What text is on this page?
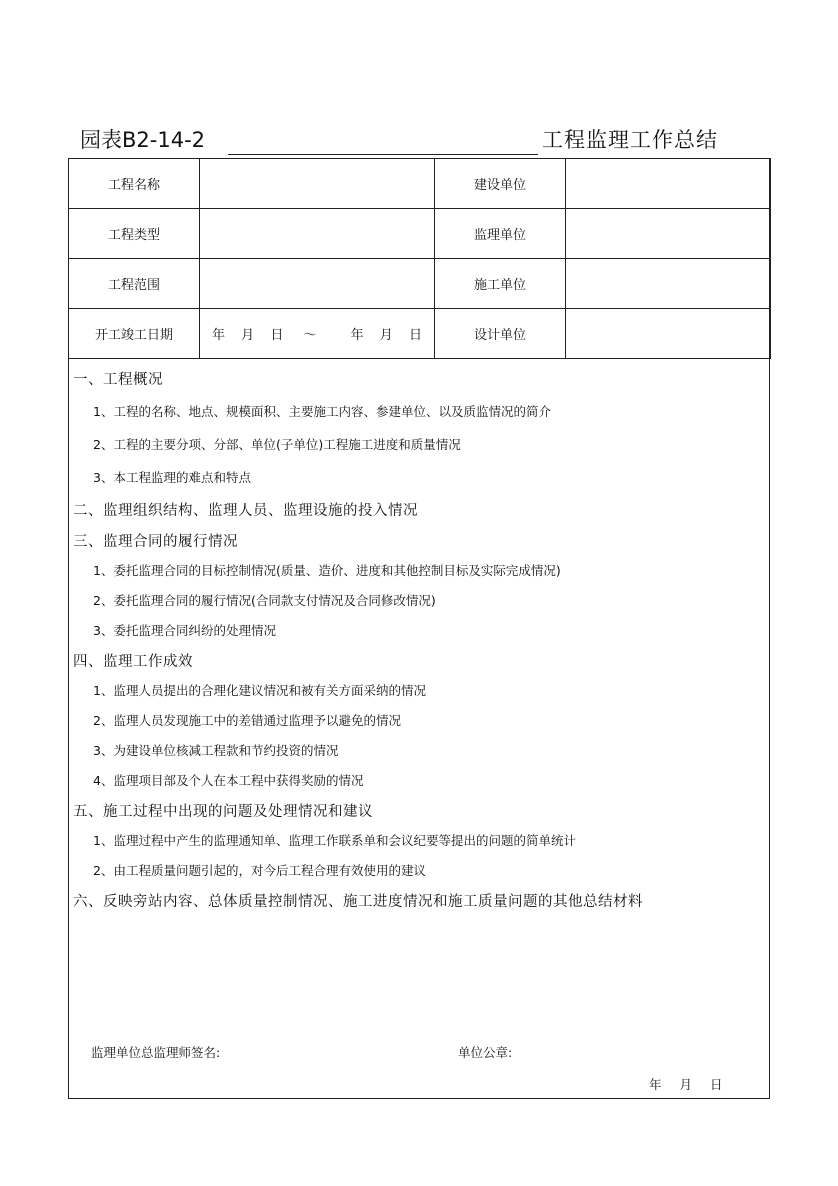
园表B2-14-2	工程监理工作总结
工程名称		建设单位	
工程类型		监理单位	
工程范围		施工单位	
开工竣工日期	年 月 日 ～ 年 月 日	设计单位	
一、工程概况
1、工程的名称、地点、规模面积、主要施工内容、参建单位、以及质监情况的简介
2、工程的主要分项、分部、单位(子单位)工程施工进度和质量情况
3、本工程监理的难点和特点
二、监理组织结构、监理人员、监理设施的投入情况
三、监理合同的履行情况
1、委托监理合同的目标控制情况(质量、造价、进度和其他控制目标及实际完成情况)
2、委托监理合同的履行情况(合同款支付情况及合同修改情况)
3、委托监理合同纠纷的处理情况
四、监理工作成效
1、监理人员提出的合理化建议情况和被有关方面采纳的情况
2、监理人员发现施工中的差错通过监理予以避免的情况
3、为建设单位核减工程款和节约投资的情况
4、监理项目部及个人在本工程中获得奖励的情况
五、施工过程中出现的问题及处理情况和建议
1、监理过程中产生的监理通知单、监理工作联系单和会议纪要等提出的问题的简单统计
2、由工程质量问题引起的，对今后工程合理有效使用的建议
六、反映旁站内容、总体质量控制情况、施工进度情况和施工质量问题的其他总结材料
监理单位总监理师签名:	单位公章:
年 月 日
